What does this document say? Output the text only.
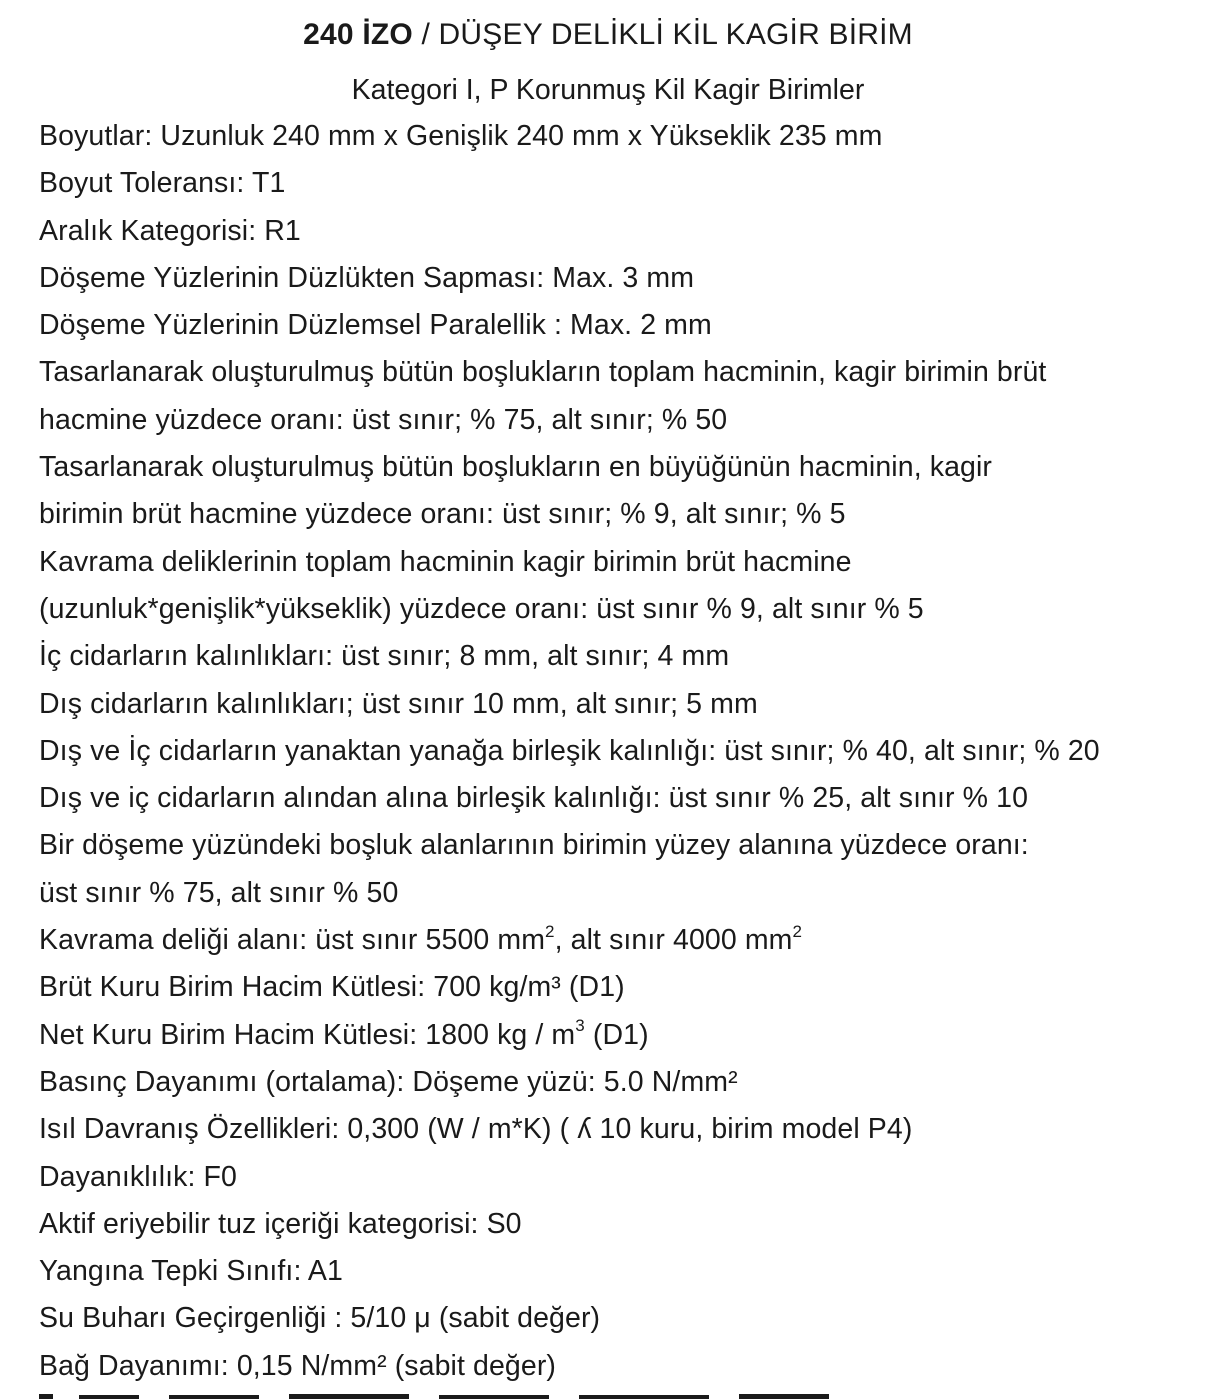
240 İZO / DÜŞEY DELİKLİ KİL KAGİR BİRİM
Kategori I, P Korunmuş Kil Kagir Birimler
Boyutlar: Uzunluk 240 mm x Genişlik 240 mm x Yükseklik 235 mm
Boyut Toleransı: T1
Aralık Kategorisi: R1
Döşeme Yüzlerinin Düzlükten Sapması: Max. 3 mm
Döşeme Yüzlerinin Düzlemsel Paralellik : Max. 2 mm
Tasarlanarak oluşturulmuş bütün boşlukların toplam hacminin, kagir birimin brüt
hacmine yüzdece oranı: üst sınır; % 75, alt sınır; % 50
Tasarlanarak oluşturulmuş bütün boşlukların en büyüğünün hacminin, kagir
birimin brüt hacmine yüzdece oranı: üst sınır; % 9, alt sınır; % 5
Kavrama deliklerinin toplam hacminin kagir birimin brüt hacmine
(uzunluk*genişlik*yükseklik) yüzdece oranı: üst sınır % 9, alt sınır % 5
İç cidarların kalınlıkları: üst sınır; 8 mm, alt sınır; 4 mm
Dış cidarların kalınlıkları; üst sınır 10 mm, alt sınır; 5 mm
Dış ve İç cidarların yanaktan yanağa birleşik kalınlığı: üst sınır; % 40, alt sınır; % 20
Dış ve iç cidarların alından alına birleşik kalınlığı: üst sınır % 25, alt sınır % 10
Bir döşeme yüzündeki boşluk alanlarının birimin yüzey alanına yüzdece oranı:
üst sınır % 75, alt sınır % 50
Kavrama deliği alanı: üst sınır 5500 $mm^2$, alt sınır 4000 $mm^2$
Brüt Kuru Birim Hacim Kütlesi: 700 kg/m³ (D1)
Net Kuru Birim Hacim Kütlesi: 1800 kg / $m^3$ (D1)
Basınç Dayanımı (ortalama): Döşeme yüzü: 5.0 N/mm²
Isıl Davranış Özellikleri: 0,300 (W / m*K) ( ʎ 10 kuru, birim model P4)
Dayanıklılık: F0
Aktif eriyebilir tuz içeriği kategorisi: S0
Yangına Tepki Sınıfı: A1
Su Buharı Geçirgenliği : 5/10 μ (sabit değer)
Bağ Dayanımı: 0,15 N/mm² (sabit değer)
